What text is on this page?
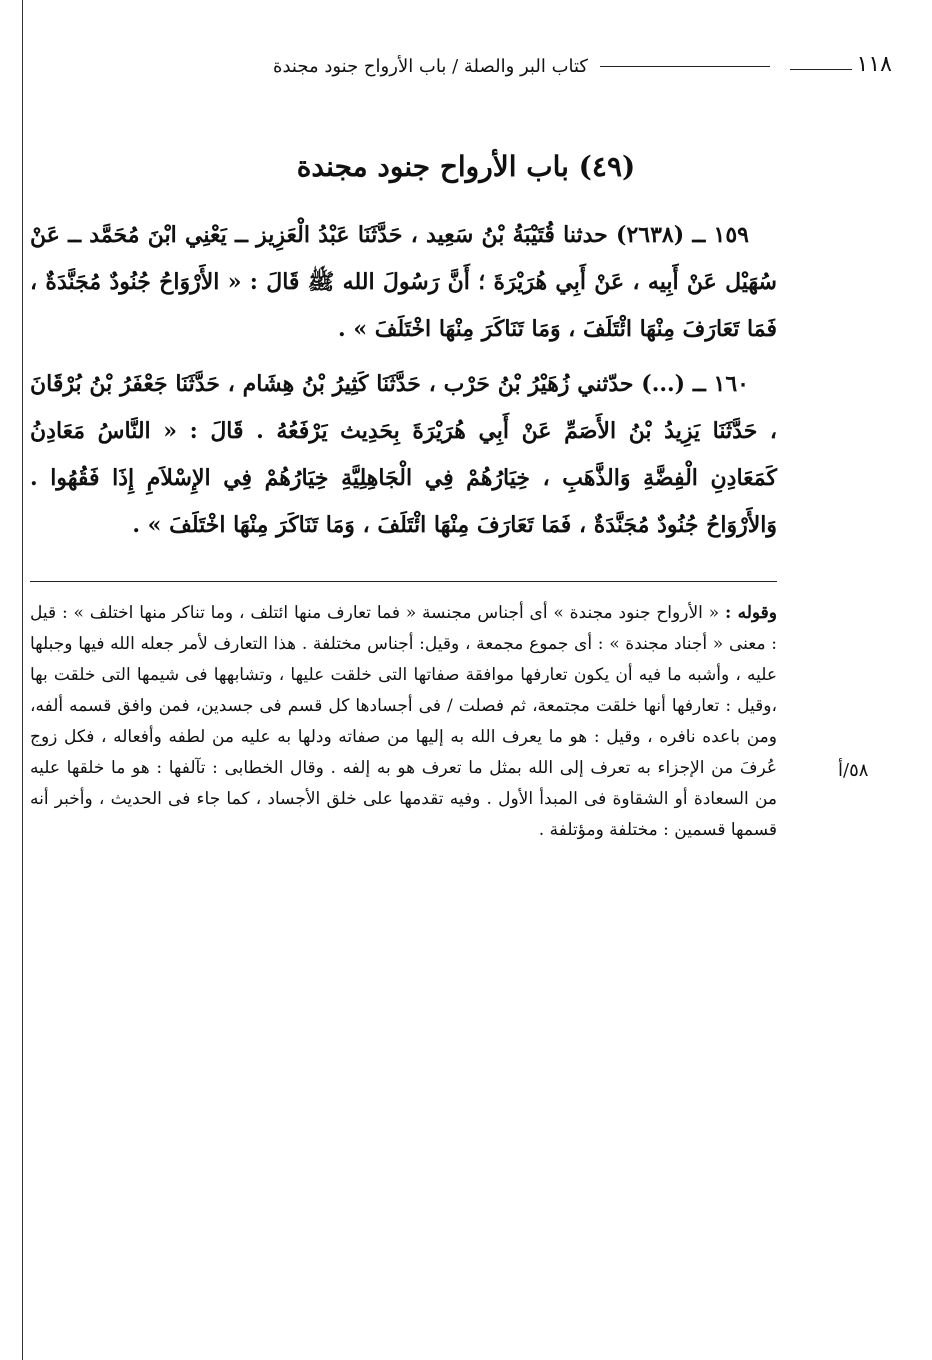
١١٨
كتاب البر والصلة / باب الأرواح جنود مجندة
(٤٩) باب الأرواح جنود مجندة

١٥٩ ــ (٢٦٣٨) حدثنا قُتَيْبَةُ بْنُ سَعِيد ، حَدَّثَنَا عَبْدُ الْعَزِيز ــ يَعْنِي ابْنَ مُحَمَّد ــ عَنْ سُهَيْل عَنْ أَبِيه ، عَنْ أَبِي هُرَيْرَةَ ؛ أَنَّ رَسُولَ الله ﷺ قَالَ : « الأَرْوَاحُ جُنُودٌ مُجَنَّدَةٌ ، فَمَا تَعَارَفَ مِنْهَا ائْتَلَفَ ، وَمَا تَنَاكَرَ مِنْهَا اخْتَلَفَ » .

١٦٠ ــ (...) حدّثني زُهَيْرُ بْنُ حَرْب ، حَدَّثَنَا كَثِيرُ بْنُ هِشَام ، حَدَّثَنَا جَعْفَرُ بْنُ بُرْقَانَ ، حَدَّثَنَا يَزِيدُ بْنُ الأَصَمِّ عَنْ أَبِي هُرَيْرَةَ بِحَدِيث يَرْفَعُهُ . قَالَ : « النَّاسُ مَعَادِنُ كَمَعَادِنِ الْفِضَّةِ وَالذَّهَبِ ، خِيَارُهُمْ فِي الْجَاهِلِيَّةِ خِيَارُهُمْ فِي الإِسْلاَمِ إِذَا فَقُهُوا . وَالأَرْوَاحُ جُنُودٌ مُجَنَّدَةٌ ، فَمَا تَعَارَفَ مِنْهَا ائْتَلَفَ ، وَمَا تَنَاكَرَ مِنْهَا اخْتَلَفَ » .

وقوله : « الأرواح جنود مجندة » أى أجناس مجنسة « فما تعارف منها ائتلف ، وما تناكر منها اختلف » : قيل : معنى « أجناد مجندة » : أى جموع مجمعة ، وقيل: أجناس مختلفة . هذا التعارف لأمر جعله الله فيها وجبلها عليه ، وأشبه ما فيه أن يكون تعارفها موافقة صفاتها التى خلقت عليها ، وتشابهها فى شيمها التى خلقت بها ،وقيل : تعارفها أنها خلقت مجتمعة، ثم فصلت / فى أجسادها كل قسم فى جسدين، فمن وافق قسمه ألفه، ومن باعده نافره ، وقيل : هو ما يعرف الله به إليها من صفاته ودلها به عليه من لطفه وأفعاله ، فكل زوج عُرفَ من الإجزاء به تعرف إلى الله بمثل ما تعرف هو به إلفه . وقال الخطابى : تآلفها : هو ما خلقها عليه من السعادة أو الشقاوة فى المبدأ الأول . وفيه تقدمها على خلق الأجساد ، كما جاء فى الحديث ، وأخبر أنه قسمها قسمين : مختلفة ومؤتلفة .
٥٨/أ
